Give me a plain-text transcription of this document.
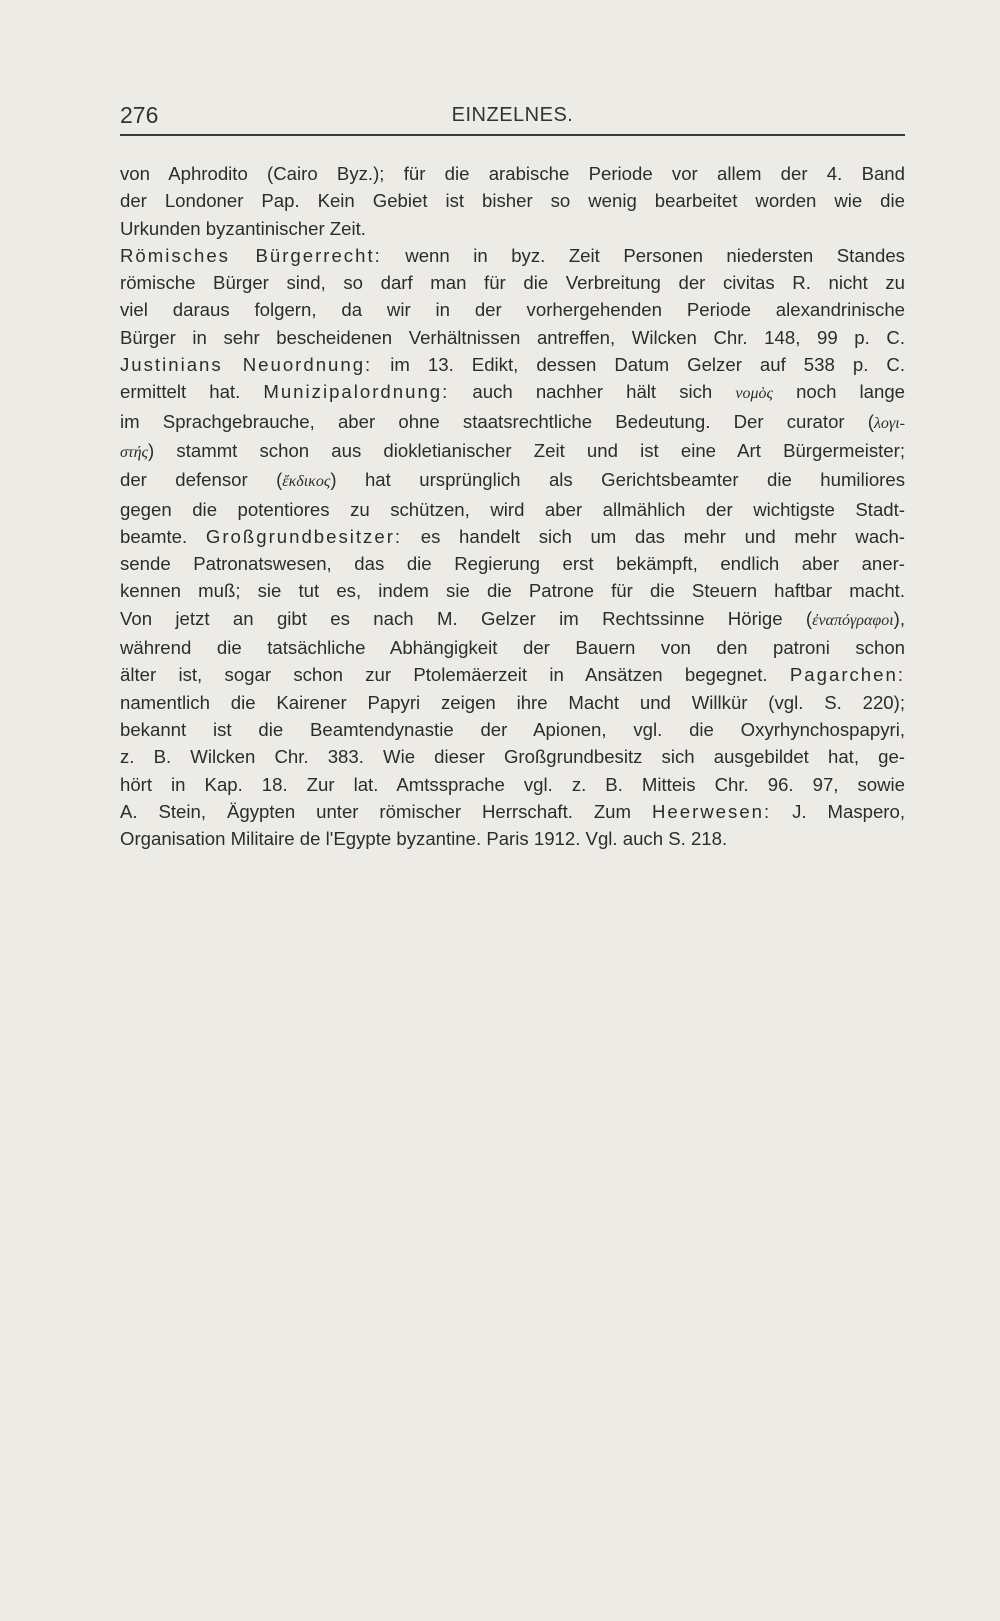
276	EINZELNES.
von Aphrodito (Cairo Byz.); für die arabische Periode vor allem der 4. Band
der Londoner Pap. Kein Gebiet ist bisher so wenig bearbeitet worden wie die
Urkunden byzantinischer Zeit.
Römisches Bürgerrecht: wenn in byz. Zeit Personen niedersten Standes
römische Bürger sind, so darf man für die Verbreitung der civitas R. nicht zu
viel daraus folgern, da wir in der vorhergehenden Periode alexandrinische
Bürger in sehr bescheidenen Verhältnissen antreffen, Wilcken Chr. 148, 99 p. C.
Justinians Neuordnung: im 13. Edikt, dessen Datum Gelzer auf 538 p. C.
ermittelt hat. Munizipalordnung: auch nachher hält sich νομὸς noch lange
im Sprachgebrauche, aber ohne staatsrechtliche Bedeutung. Der curator (λογι-
στής) stammt schon aus diokletianischer Zeit und ist eine Art Bürgermeister;
der defensor (ἔκδικος) hat ursprünglich als Gerichtsbeamter die humiliores
gegen die potentiores zu schützen, wird aber allmählich der wichtigste Stadt-
beamte. Großgrundbesitzer: es handelt sich um das mehr und mehr wach-
sende Patronatswesen, das die Regierung erst bekämpft, endlich aber aner-
kennen muß; sie tut es, indem sie die Patrone für die Steuern haftbar macht.
Von jetzt an gibt es nach M. Gelzer im Rechtssinne Hörige (ἐναπόγραφοι),
während die tatsächliche Abhängigkeit der Bauern von den patroni schon
älter ist, sogar schon zur Ptolemäerzeit in Ansätzen begegnet. Pagarchen:
namentlich die Kairener Papyri zeigen ihre Macht und Willkür (vgl. S. 220);
bekannt ist die Beamtendynastie der Apionen, vgl. die Oxyrhynchospapyri,
z. B. Wilcken Chr. 383. Wie dieser Großgrundbesitz sich ausgebildet hat, ge-
hört in Kap. 18. Zur lat. Amtssprache vgl. z. B. Mitteis Chr. 96. 97, sowie
A. Stein, Ägypten unter römischer Herrschaft. Zum Heerwesen: J. Maspero,
Organisation Militaire de l'Egypte byzantine. Paris 1912. Vgl. auch S. 218.
